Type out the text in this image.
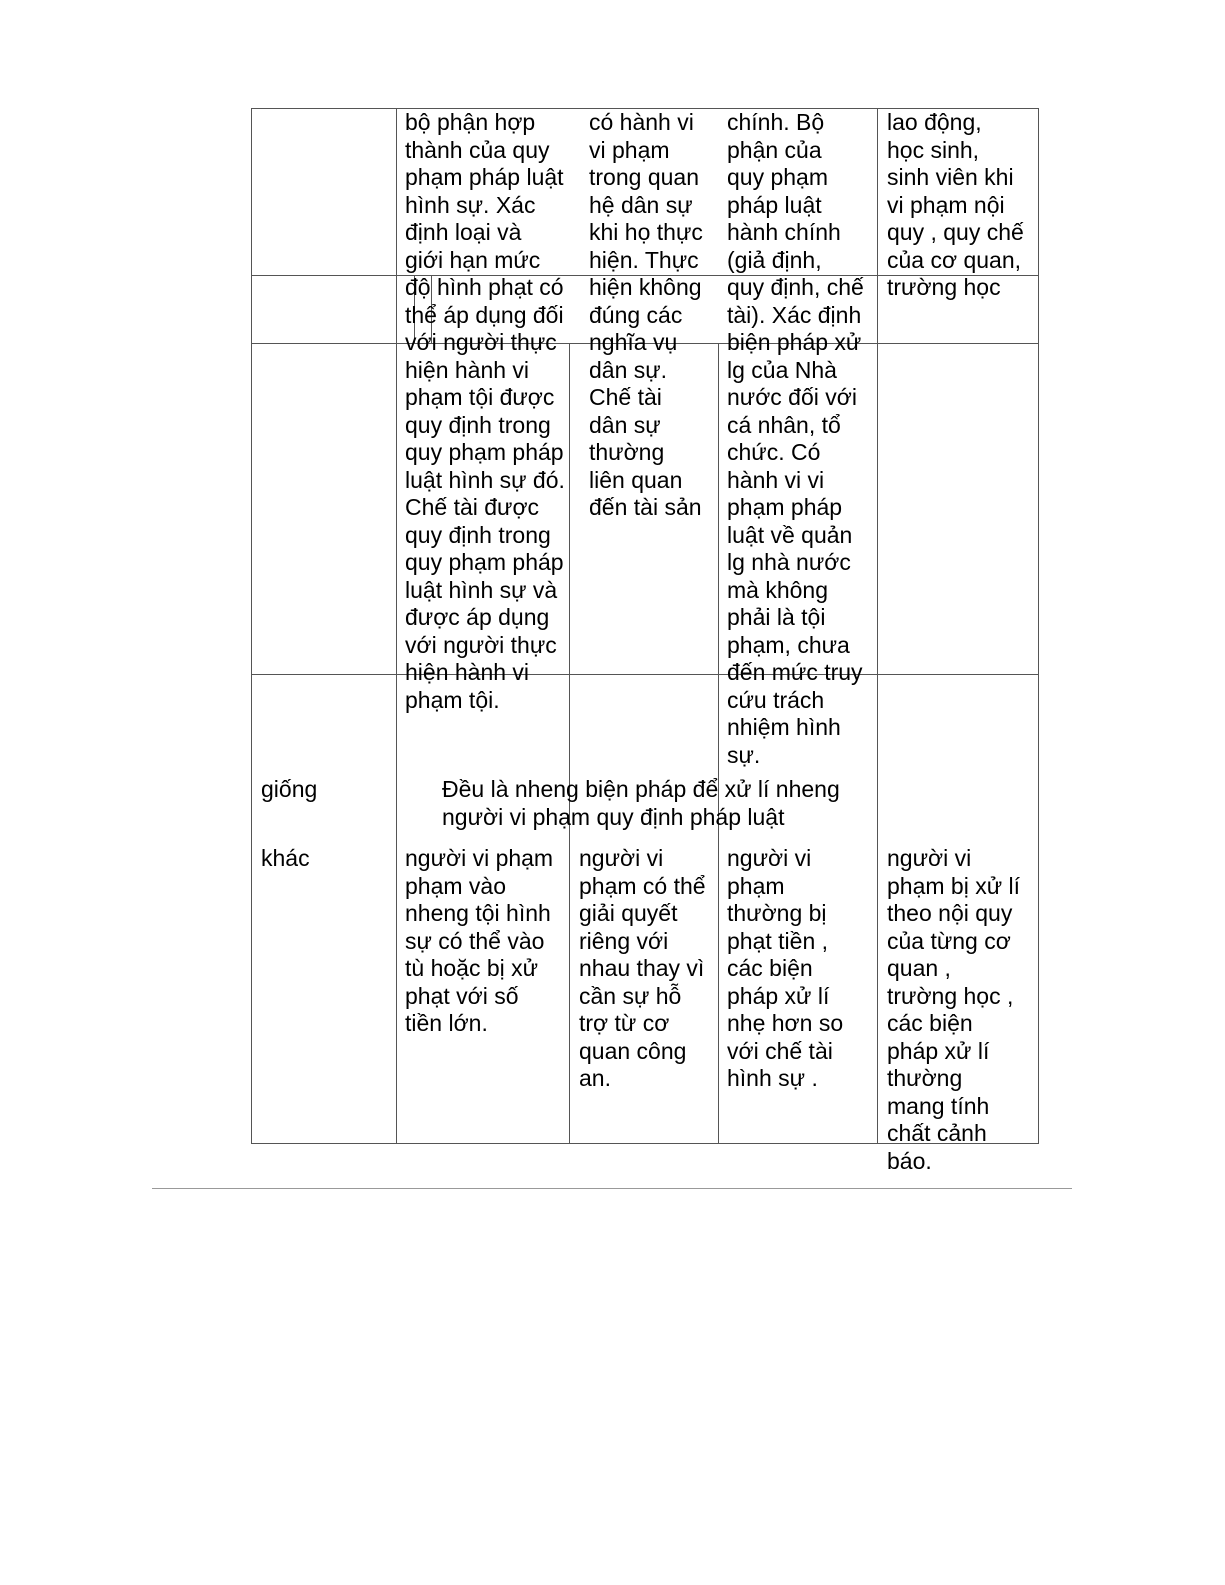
bộ phận hợp
thành của quy
phạm pháp luật
hình sự. Xác
định loại và
giới hạn mức
độ hình phạt có
thể áp dụng đối
với người thực
hiện hành vi
phạm tội được
quy định trong
quy phạm pháp
luật hình sự đó.
Chế tài được
quy định trong
quy phạm pháp
luật hình sự và
được áp dụng
với người thực
hiện hành vi
phạm tội.
có hành vi
vi phạm
trong quan
hệ dân sự
khi họ thực
hiện. Thực
hiện không
đúng các
nghĩa vụ
dân sự.
Chế tài
dân sự
thường
liên quan
đến tài sản
chính. Bộ
phận của
quy phạm
pháp luật
hành chính
(giả định,
quy định, chế
tài). Xác định
biện pháp xử
lg của Nhà
nước đối với
cá nhân, tổ
chức. Có
hành vi vi
phạm pháp
luật về quản
lg nhà nước
mà không
phải là tội
phạm, chưa
đến mức truy
cứu trách
nhiệm hình
sự.
lao động,
học sinh,
sinh viên khi
vi phạm nội
quy , quy chế
của cơ quan,
trường học
giống	Đều là nheng biện pháp để xử lí nheng
người vi phạm quy định pháp luật
khác	người vi phạm
phạm vào
nheng tội hình
sự có thể vào
tù hoặc bị xử
phạt với số
tiền lớn.
người vi
phạm có thể
giải quyết
riêng với
nhau thay vì
cần sự hỗ
trợ từ cơ
quan công
an.
người vi
phạm
thường bị
phạt tiền ,
các biện
pháp xử lí
nhẹ hơn so
với chế tài
hình sự .
người vi
phạm bị xử lí
theo nội quy
của từng cơ
quan ,
trường học ,
các biện
pháp xử lí
thường
mang tính
chất cảnh
báo.
